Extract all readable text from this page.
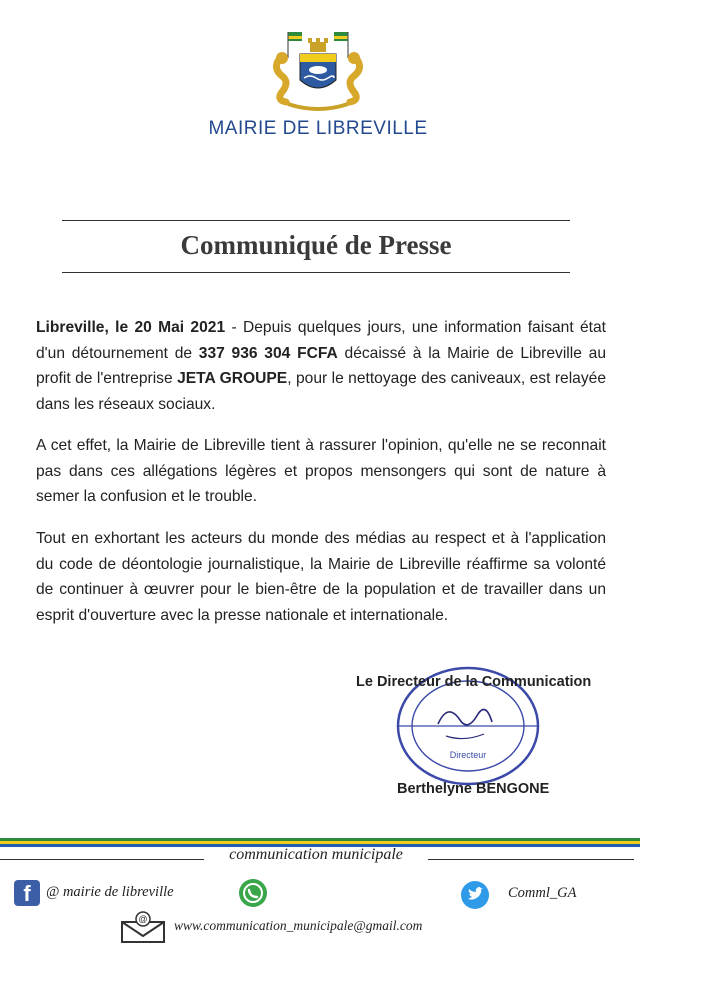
MAIRIE DE LIBREVILLE
Communiqué de Presse
Libreville, le 20 Mai 2021 - Depuis quelques jours, une information faisant état d'un détournement de 337 936 304 FCFA décaissé à la Mairie de Libreville au profit de l'entreprise JETA GROUPE, pour le nettoyage des caniveaux, est relayée dans les réseaux sociaux.
A cet effet, la Mairie de Libreville tient à rassurer l'opinion, qu'elle ne se reconnait pas dans ces allégations légères et propos mensongers qui sont de nature à semer la confusion et le trouble.
Tout en exhortant les acteurs du monde des médias au respect et à l'application du code de déontologie journalistique, la Mairie de Libreville réaffirme sa volonté de continuer à œuvrer pour le bien-être de la population et de travailler dans un esprit d'ouverture avec la presse nationale et internationale.
Directeur
Le Directeur de la Communication
Berthelyne BENGONE
communication municipale
f	@ mairie de libreville	Comml_GA
@ www.communication_municipale@gmail.com
